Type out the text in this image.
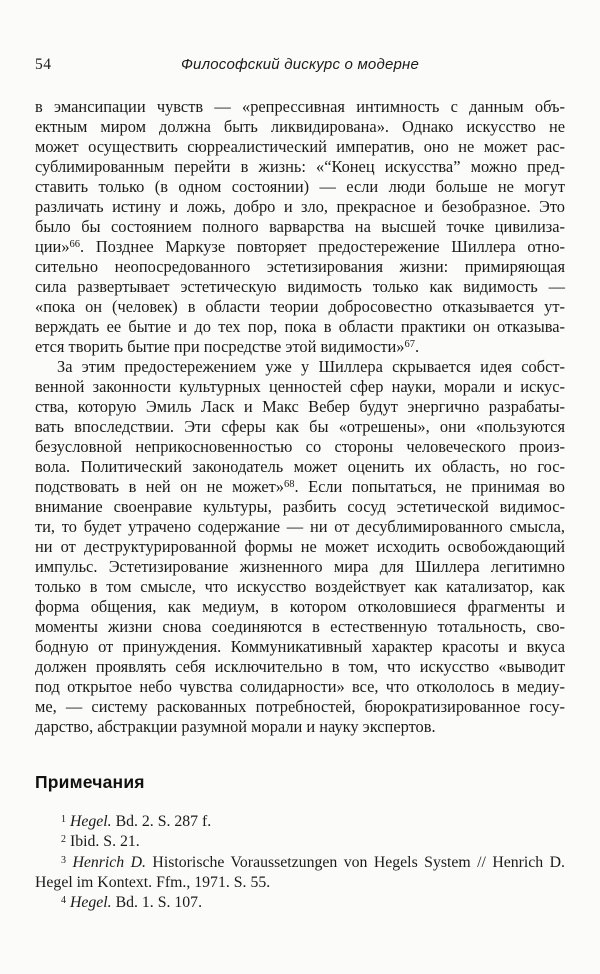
54	Философский дискурс о модерне
в эмансипации чувств — «репрессивная интимность с данным объ-
ектным миром должна быть ликвидирована». Однако искусство не
может осуществить сюрреалистический императив, оно не может рас-
сублимированным перейти в жизнь: «“Конец искусства” можно пред-
ставить только (в одном состоянии) — если люди больше не могут
различать истину и ложь, добро и зло, прекрасное и безобразное. Это
было бы состоянием полного варварства на высшей точке цивилиза-
ции»$^{66}$. Позднее Маркузе повторяет предостережение Шиллера отно-
сительно неопосредованного эстетизирования жизни: примиряющая
сила развертывает эстетическую видимость только как видимость —
«пока он (человек) в области теории добросовестно отказывается ут-
верждать ее бытие и до тех пор, пока в области практики он отказыва-
ется творить бытие при посредстве этой видимости»$^{67}$.
За этим предостережением уже у Шиллера скрывается идея собст-
венной законности культурных ценностей сфер науки, морали и искус-
ства, которую Эмиль Ласк и Макс Вебер будут энергично разрабаты-
вать впоследствии. Эти сферы как бы «отрешены», они «пользуются
безусловной неприкосновенностью со стороны человеческого произ-
вола. Политический законодатель может оценить их область, но гос-
подствовать в ней он не может»$^{68}$. Если попытаться, не принимая во
внимание своенравие культуры, разбить сосуд эстетической видимос-
ти, то будет утрачено содержание — ни от десублимированного смысла,
ни от деструктурированной формы не может исходить освобождающий
импульс. Эстетизирование жизненного мира для Шиллера легитимно
только в том смысле, что искусство воздействует как катализатор, как
форма общения, как медиум, в котором отколовшиеся фрагменты и
моменты жизни снова соединяются в естественную тотальность, сво-
бодную от принуждения. Коммуникативный характер красоты и вкуса
должен проявлять себя исключительно в том, что искусство «выводит
под открытое небо чувства солидарности» все, что откололось в медиу-
ме, — систему раскованных потребностей, бюрократизированное госу-
дарство, абстракции разумной морали и науку экспертов.
Примечания
$^1$ Hegel. Bd. 2. S. 287 f.
$^2$ Ibid. S. 21.
$^3$ Henrich D. Historische Voraussetzungen von Hegels System // Henrich D.
Hegel im Kontext. Ffm., 1971. S. 55.
$^4$ Hegel. Bd. 1. S. 107.
